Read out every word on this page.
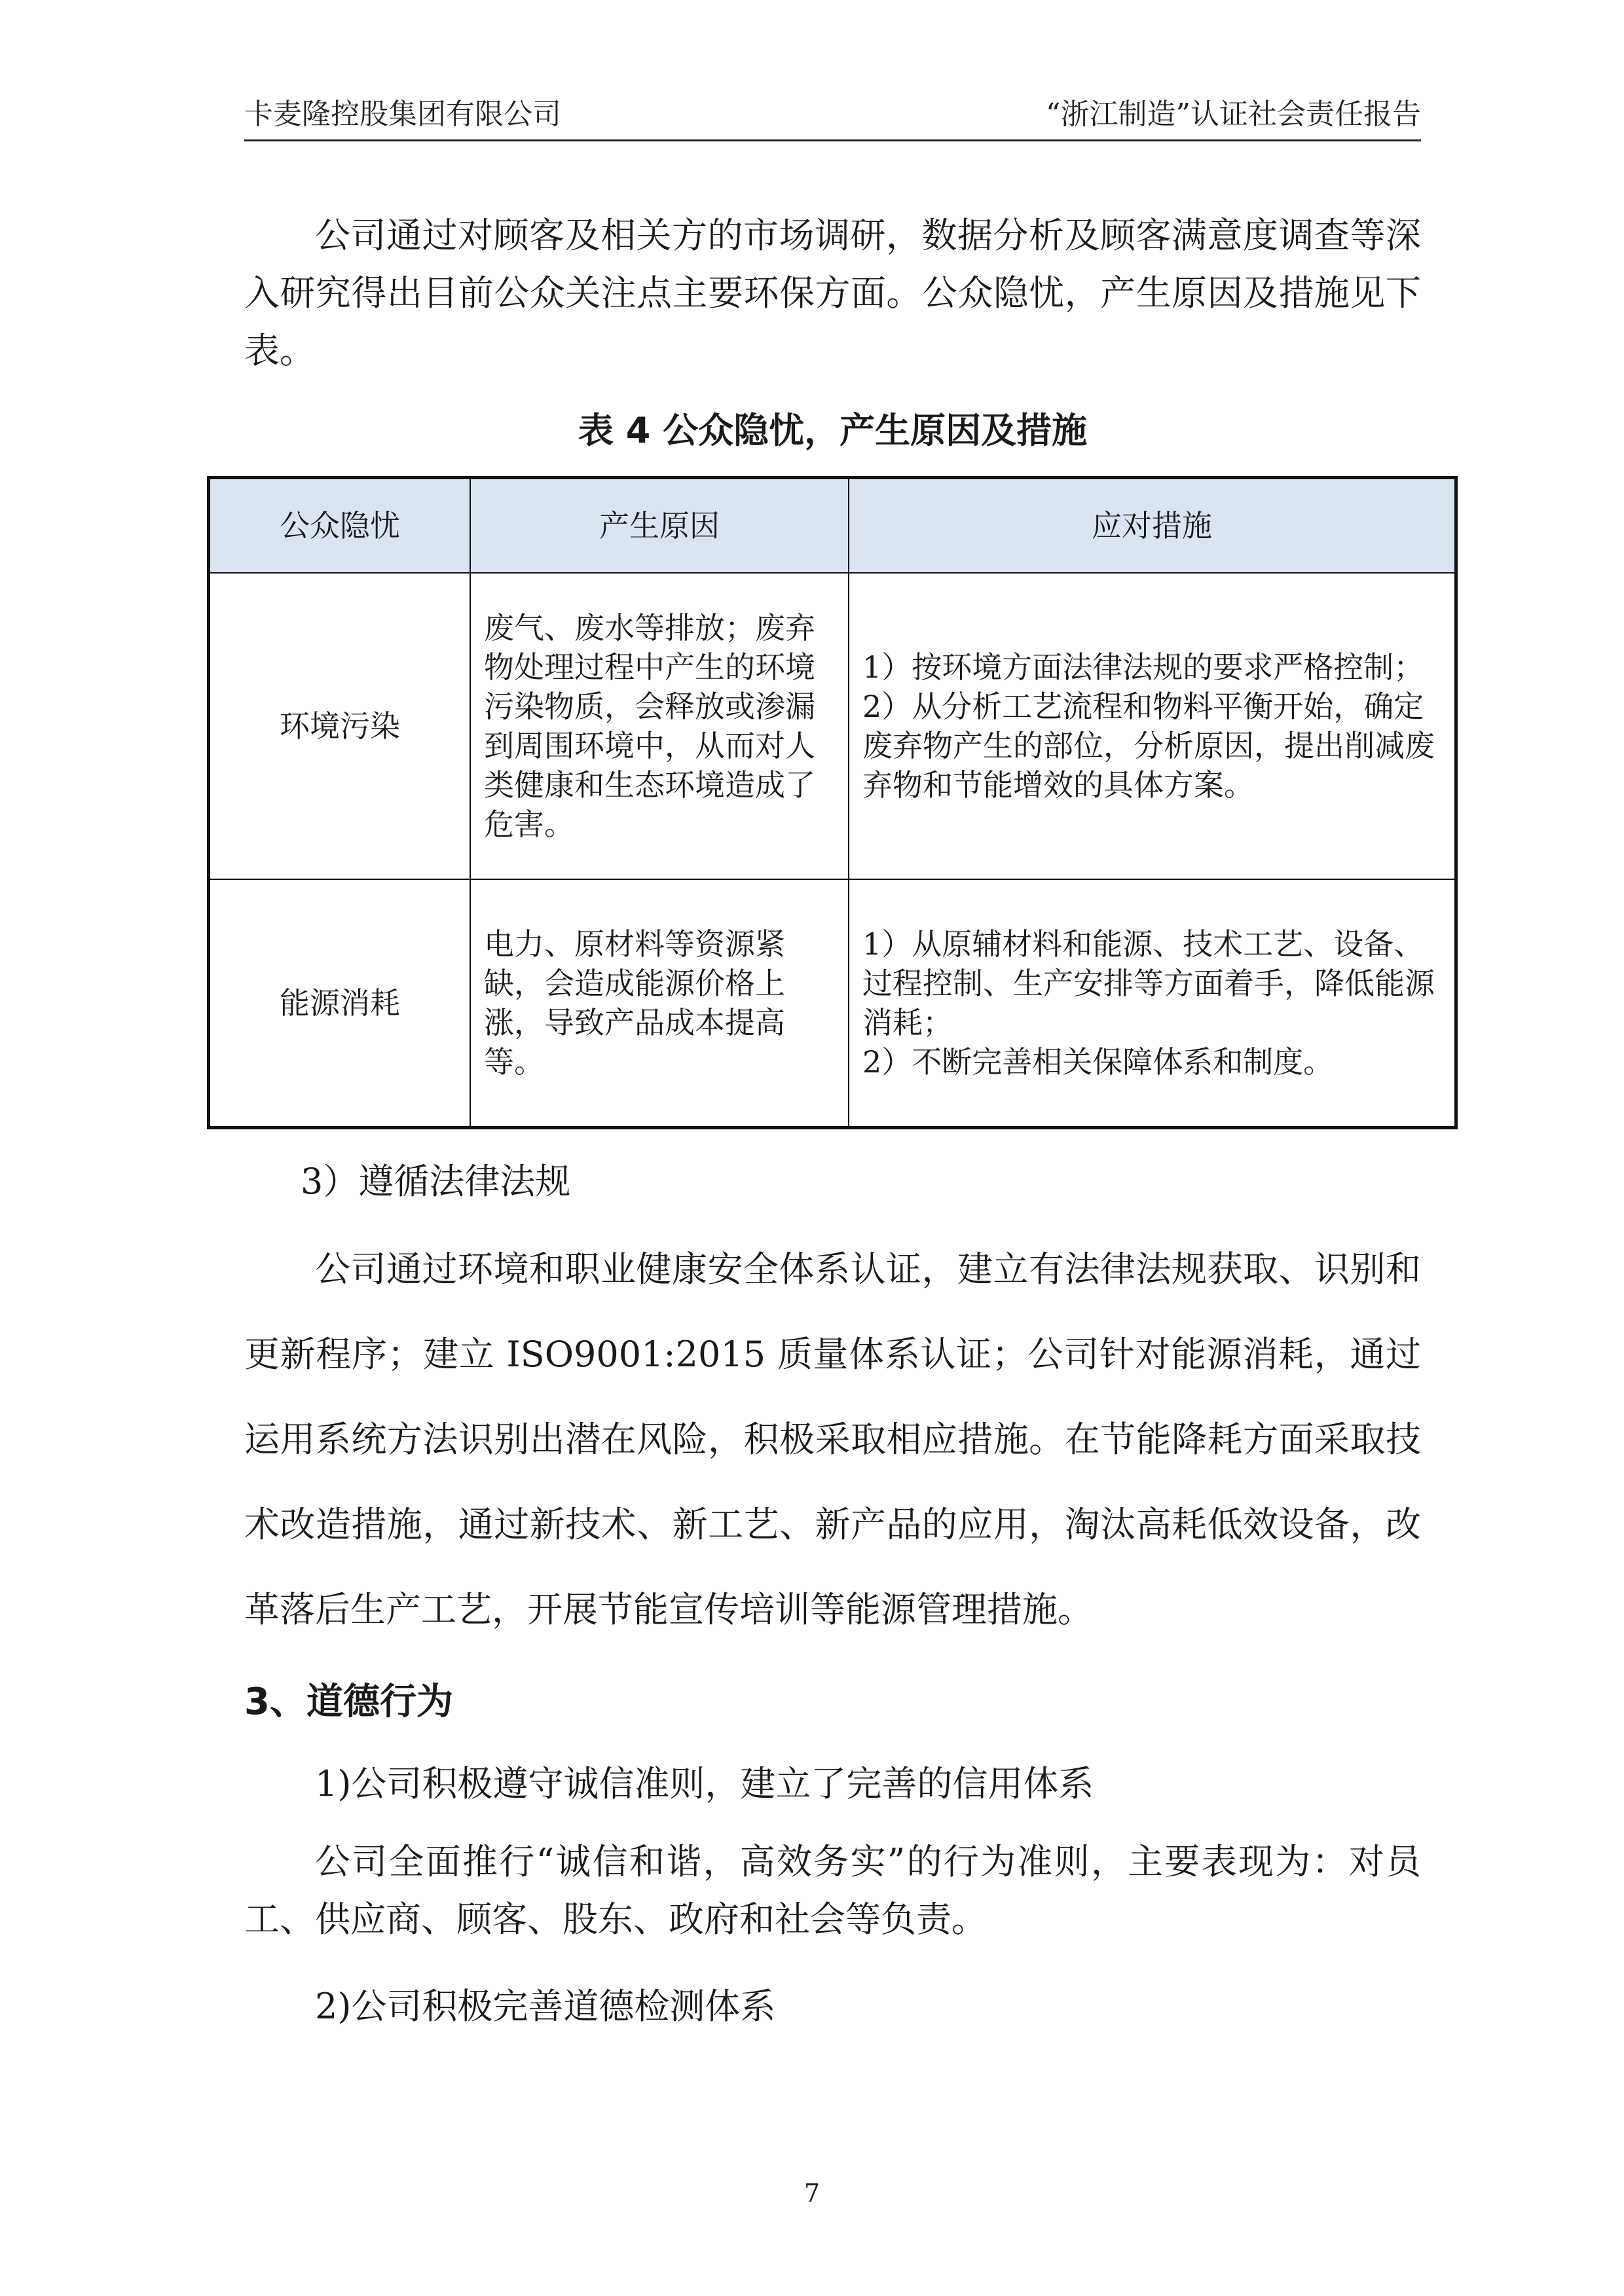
卡麦隆控股集团有限公司	“浙江制造”认证社会责任报告

公司通过对顾客及相关方的市场调研，数据分析及顾客满意度调查等深入研究得出目前公众关注点主要环保方面。公众隐忧，产生原因及措施见下表。

表 4 公众隐忧，产生原因及措施
公众隐忧	产生原因	应对措施
环境污染	废气、废水等排放；废弃物处理过程中产生的环境污染物质，会释放或渗漏到周围环境中，从而对人类健康和生态环境造成了危害。	1）按环境方面法律法规的要求严格控制；
2）从分析工艺流程和物料平衡开始，确定废弃物产生的部位，分析原因，提出削减废弃物和节能增效的具体方案。

能源消耗	电力、原材料等资源紧缺，会造成能源价格上涨，导致产品成本提高等。	1）从原辅材料和能源、技术工艺、设备、过程控制、生产安排等方面着手，降低能源消耗；
2）不断完善相关保障体系和制度。
3）遵循法律法规

公司通过环境和职业健康安全体系认证，建立有法律法规获取、识别和更新程序；建立 ISO9001:2015 质量体系认证；公司针对能源消耗，通过运用系统方法识别出潜在风险，积极采取相应措施。在节能降耗方面采取技术改造措施，通过新技术、新工艺、新产品的应用，淘汰高耗低效设备，改革落后生产工艺，开展节能宣传培训等能源管理措施。

3、道德行为
1)公司积极遵守诚信准则，建立了完善的信用体系

公司全面推行“诚信和谐，高效务实”的行为准则，主要表现为：对员工、供应商、顾客、股东、政府和社会等负责。

2)公司积极完善道德检测体系
7
